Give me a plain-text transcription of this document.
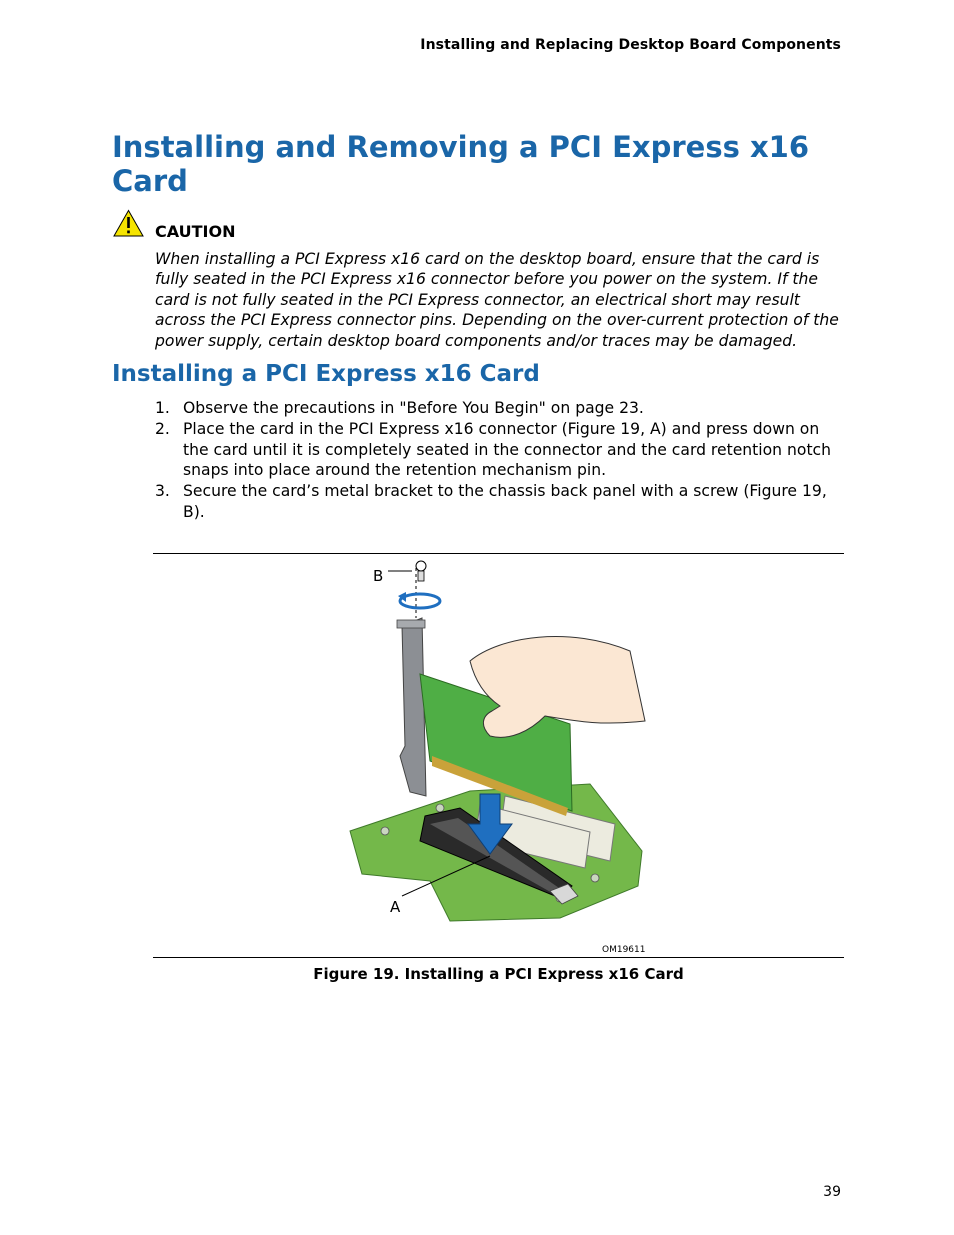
Installing and Replacing Desktop Board Components
Installing and Removing a PCI Express x16 Card
CAUTION

When installing a PCI Express x16 card on the desktop board, ensure that the card is fully seated in the PCI Express x16 connector before you power on the system. If the card is not fully seated in the PCI Express connector, an electrical short may result across the PCI Express connector pins. Depending on the over-current protection of the power supply, certain desktop board components and/or traces may be damaged.

Installing a PCI Express x16 Card
1. Observe the precautions in "Before You Begin" on page 23.
2. Place the card in the PCI Express x16 connector (Figure 19, A) and press down on the card until it is completely seated in the connector and the card retention notch snaps into place around the retention mechanism pin.
3. Secure the card’s metal bracket to the chassis back panel with a screw (Figure 19, B).
B
A
OM19611
Figure 19. Installing a PCI Express x16 Card
39
